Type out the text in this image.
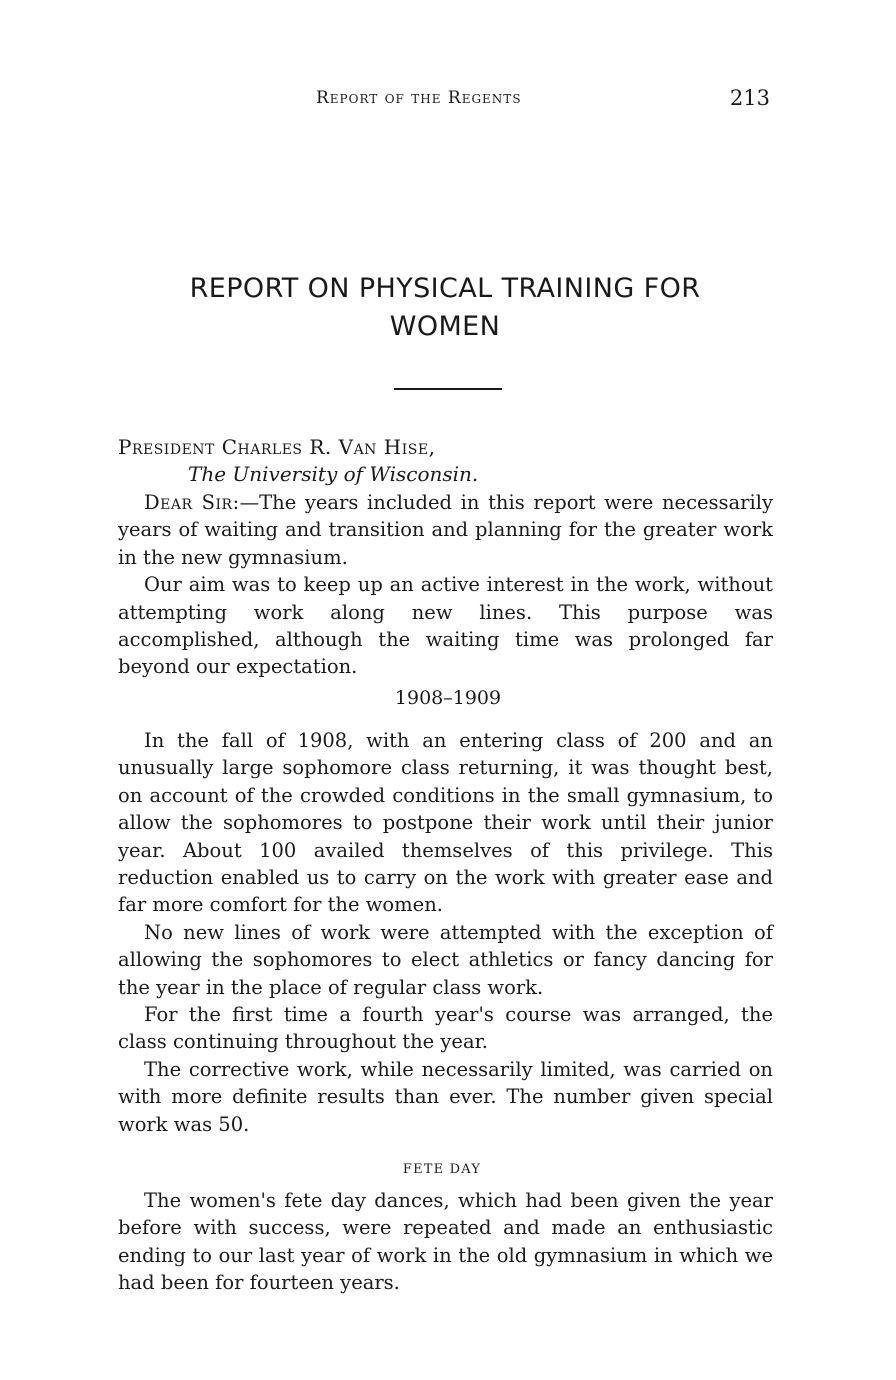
Report of the Regents	213
REPORT ON PHYSICAL TRAINING FOR
WOMEN
President Charles R. Van Hise,
The University of Wisconsin.

Dear Sir:—The years included in this report were necessarily years of waiting and transition and planning for the greater work in the new gymnasium.

Our aim was to keep up an active interest in the work, without attempting work along new lines. This purpose was accomplished, although the waiting time was prolonged far beyond our expectation.

1908–1909

In the fall of 1908, with an entering class of 200 and an unusually large sophomore class returning, it was thought best, on account of the crowded conditions in the small gymnasium, to allow the sophomores to postpone their work until their junior year. About 100 availed themselves of this privilege. This reduction enabled us to carry on the work with greater ease and far more comfort for the women.

No new lines of work were attempted with the exception of allowing the sophomores to elect athletics or fancy dancing for the year in the place of regular class work.

For the first time a fourth year's course was arranged, the class continuing throughout the year.

The corrective work, while necessarily limited, was carried on with more definite results than ever. The number given special work was 50.

FETE DAY

The women's fete day dances, which had been given the year before with success, were repeated and made an enthusiastic ending to our last year of work in the old gymnasium in which we had been for fourteen years.
